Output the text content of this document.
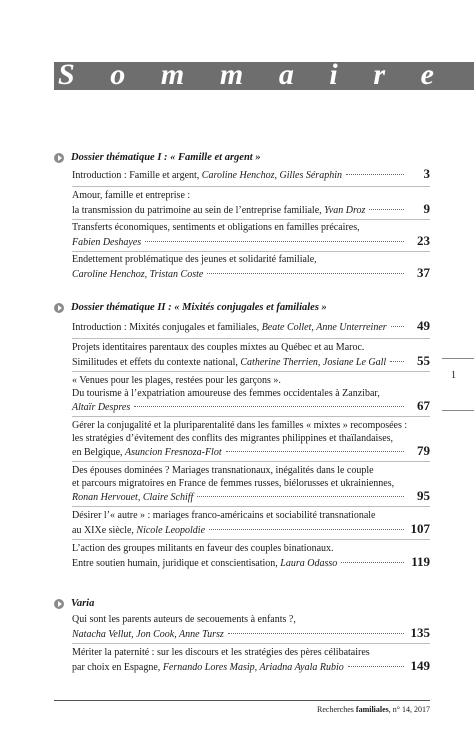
S o m m a i r e
Dossier thématique I : « Famille et argent »
Introduction : Famille et argent, Caroline Henchoz, Gilles Séraphin	3
Amour, famille et entreprise :
la transmission du patrimoine au sein de l’entreprise familiale, Yvan Droz	9
Transferts économiques, sentiments et obligations en familles précaires,
Fabien Deshayes	23
Endettement problématique des jeunes et solidarité familiale,
Caroline Henchoz, Tristan Coste	37
Dossier thématique II : « Mixités conjugales et familiales »
Introduction : Mixités conjugales et familiales, Beate Collet, Anne Unterreiner	49
Projets identitaires parentaux des couples mixtes au Québec et au Maroc.
Similitudes et effets du contexte national, Catherine Therrien, Josiane Le Gall	55
« Venues pour les plages, restées pour les garçons ».
Du tourisme à l’expatriation amoureuse des femmes occidentales à Zanzibar,
Altaïr Despres	67
Gérer la conjugalité et la pluriparentalité dans les familles « mixtes » recomposées :
les stratégies d’évitement des conflits des migrantes philippines et thaïlandaises,
en Belgique, Asuncion Fresnoza-Flot	79
Des épouses dominées ? Mariages transnationaux, inégalités dans le couple
et parcours migratoires en France de femmes russes, biélorusses et ukrainiennes,
Ronan Hervouet, Claire Schiff	95
Désirer l’« autre » : mariages franco-américains et sociabilité transnationale
au XIXe siècle, Nicole Leopoldie	107
L’action des groupes militants en faveur des couples binationaux.
Entre soutien humain, juridique et conscientisation, Laura Odasso	119
Varia
Qui sont les parents auteurs de secouements à enfants ?,
Natacha Vellut, Jon Cook, Anne Tursz	135
Mériter la paternité : sur les discours et les stratégies des pères célibataires
par choix en Espagne, Fernando Lores Masip, Ariadna Ayala Rubio	149
1
Recherches familiales, n° 14, 2017
